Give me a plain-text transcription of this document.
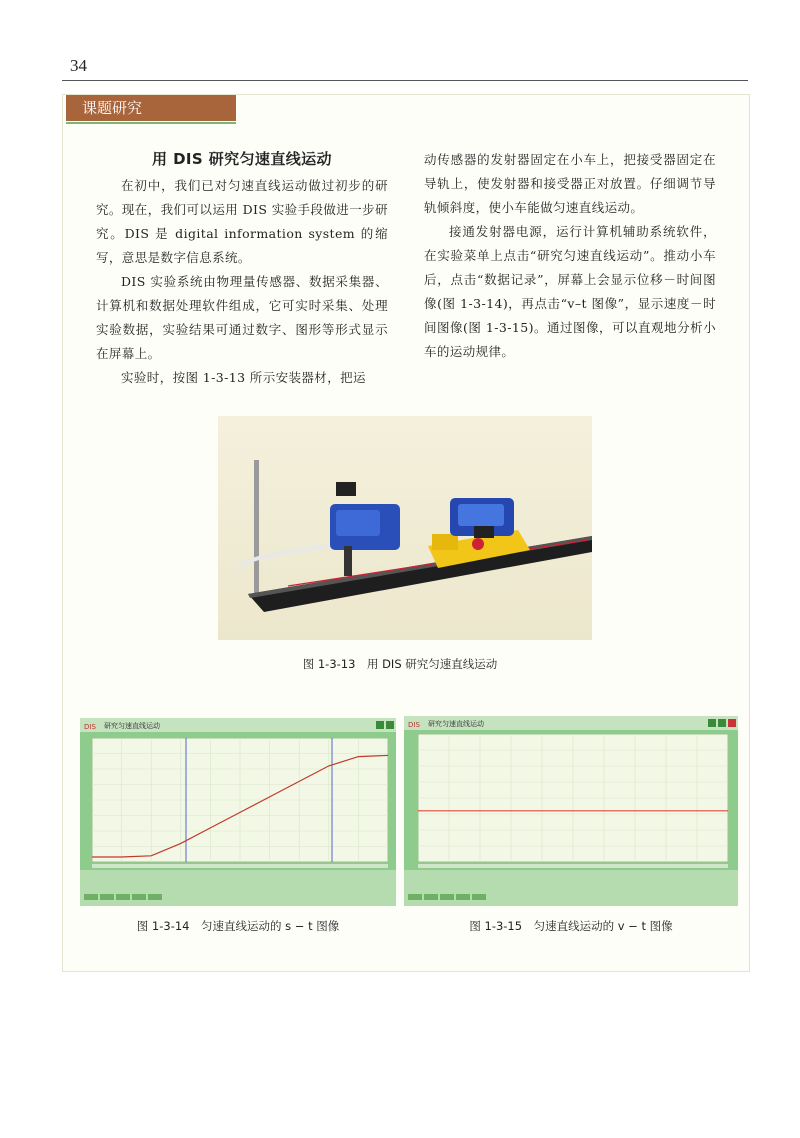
34
课题研究
用 DIS 研究匀速直线运动

在初中，我们已对匀速直线运动做过初步的研究。现在，我们可以运用 DIS 实验手段做进一步研究。DIS 是 digital information system 的缩写，意思是数字信息系统。

DIS 实验系统由物理量传感器、数据采集器、计算机和数据处理软件组成，它可实时采集、处理实验数据，实验结果可通过数字、图形等形式显示在屏幕上。

实验时，按图 1-3-13 所示安装器材，把运

动传感器的发射器固定在小车上，把接受器固定在导轨上，使发射器和接受器正对放置。仔细调节导轨倾斜度，使小车能做匀速直线运动。

接通发射器电源，运行计算机辅助系统软件，在实验菜单上点击“研究匀速直线运动”。推动小车后，点击“数据记录”，屏幕上会显示位移－时间图像(图 1-3-14)，再点击“v–t 图像”，显示速度－时间图像(图 1-3-15)。通过图像，可以直观地分析小车的运动规律。

图 1-3-13　用 DIS 研究匀速直线运动
DIS 研究匀速直线运动
图 1-3-14　匀速直线运动的 s − t 图像
DIS 研究匀速直线运动
图 1-3-15　匀速直线运动的 v − t 图像
